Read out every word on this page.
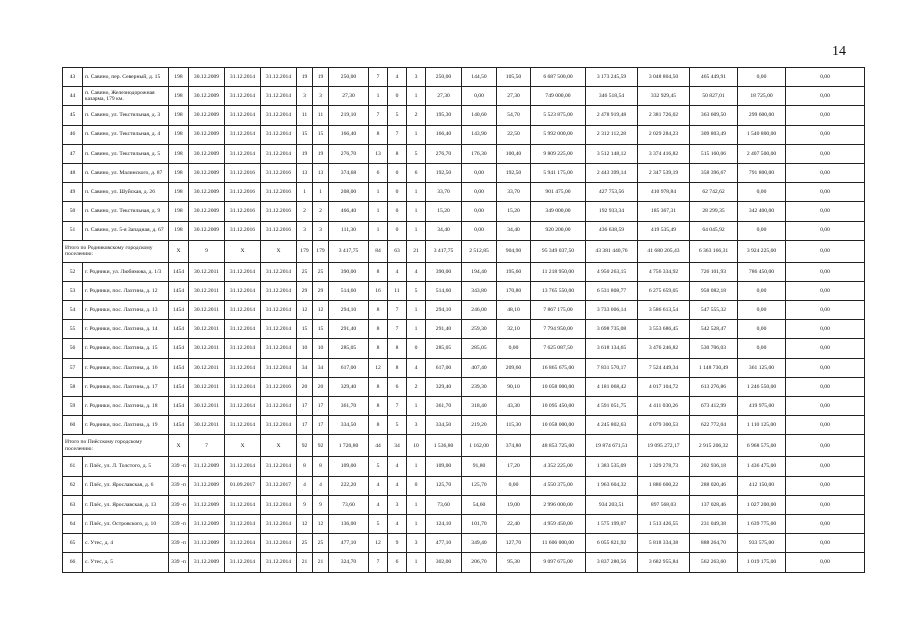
14
43	п. Савино, пер. Северный, д. 15	198	30.12.2009	31.12.2014	31.12.2014	19	19	250,00	7	4	3	250,00	144,50	105,50	6 687 500,00	3 173 245,59	3 048 804,50	465 449,91	0,00	0,00
44	п. Савино, Железнодорожная казарма, 179 км.	198	30.12.2009	31.12.2014	31.12.2014	3	3	27,30	1	0	1	27,30	0,00	27,30	749 000,00	346 518,54	332 929,45	50 827,01	18 725,00	0,00
45	п. Савино, ул. Текстильная, д. 3	198	30.12.2009	31.12.2014	31.12.2014	11	11	219,10	7	5	2	195,30	140,60	54,70	5 523 875,00	2 478 919,48	2 381 726,02	363 609,50	299 600,00	0,00
46	п. Савино, ул. Текстильная, д. 4	198	30.12.2009	31.12.2014	31.12.2014	15	15	166,40	8	7	1	166,40	143,90	22,50	5 992 000,00	2 312 112,28	2 029 284,23	309 803,49	1 540 800,00	0,00
47	п. Савино, ул. Текстильная, д. 5	198	30.12.2009	31.12.2014	31.12.2014	19	19	276,70	13	8	5	276,70	176,30	100,40	9 809 225,00	3 512 148,12	3 374 416,82	515 160,06	2 407 500,00	0,00
48	п. Савино, ул. Малинского, д. 87	198	30.12.2009	31.12.2016	31.12.2016	13	13	374,68	6	0	6	192,50	0,00	192,50	5 941 175,00	2 443 399,14	2 347 539,19	358 396,67	791 800,00	0,00
49	п. Савино, ул. Шуйская, д. 26	198	30.12.2009	31.12.2016	31.12.2016	1	1	208,00	1	0	1	33,70	0,00	33,70	901 475,00	427 753,56	410 978,84	62 742,62	0,00	0,00
50	п. Савино, ул. Текстильная, д. 9	198	30.12.2009	31.12.2016	31.12.2016	2	2	466,40	1	0	1	15,20	0,00	15,20	349 000,00	192 933,34	185 367,31	28 299,35	342 400,00	0,00
51	п. Савино, ул. 5-я Западная, д. 67	198	30.12.2009	31.12.2016	31.12.2016	3	3	111,30	1	0	1	34,40	0,00	34,40	920 200,00	436 638,59	419 535,49	64 045,92	0,00	0,00
Итого по Родниковскому городскому поселению:		X	9	X	X	179	179	3 417,75	84	63	21	3 417,75	2 512,85	904,90	95 349 037,50	43 381 440,76	41 680 205,43	6 363 166,31	3 924 225,00	0,00
52	г. Родники, ул. Любимова, д. 1/3	1454	30.12.2011	31.12.2014	31.12.2014	25	25	390,00	8	4	4	390,00	194,40	195,60	11 218 950,00	4 950 263,15	4 756 334,92	726 101,93	786 450,00	0,00
53	г. Родники, пос. Лахтина, д. 12	1454	30.12.2011	31.12.2014	31.12.2014	29	29	514,60	16	11	5	514,60	343,80	170,80	13 765 550,00	6 531 808,77	6 275 659,05	958 082,18	0,00	0,00
54	г. Родники, пос. Лахтина, д. 13	1454	30.12.2011	31.12.2014	31.12.2014	12	12	294,10	8	7	1	294,10	246,00	48,10	7 867 175,00	3 733 006,14	3 586 613,54	547 555,32	0,00	0,00
55	г. Родники, пос. Лахтина, д. 14	1454	30.12.2011	31.12.2014	31.12.2014	15	15	291,40	8	7	1	291,40	259,30	32,10	7 794 950,00	3 698 735,08	3 553 686,45	542 528,47	0,00	0,00
56	г. Родники, пос. Лахтина, д. 15	1454	30.12.2011	31.12.2014	31.12.2014	10	10	285,05	8	8	0	285,05	285,05	0,00	7 625 087,50	3 618 134,65	3 476 246,82	530 706,03	0,00	0,00
57	г. Родники, пос. Лахтина, д. 16	1454	30.12.2011	31.12.2014	31.12.2014	34	34	617,00	12	8	4	617,00	407,40	209,60	16 865 675,00	7 831 570,17	7 524 449,34	1 148 730,49	361 125,00	0,00
58	г. Родники, пос. Лахтина, д. 17	1454	30.12.2011	31.12.2014	31.12.2016	20	20	329,40	8	6	2	329,40	239,30	90,10	10 058 000,00	4 181 068,42	4 017 104,72	613 276,86	1 246 550,00	0,00
59	г. Родники, пос. Лахтина, д. 18	1454	30.12.2011	31.12.2014	31.12.2014	17	17	361,70	8	7	1	361,70	318,40	43,30	10 095 450,00	4 591 051,75	4 411 030,26	673 412,99	419 975,00	0,00
60	г. Родники, пос. Лахтина, д. 19	1454	30.12.2011	31.12.2014	31.12.2014	17	17	334,50	8	5	3	334,50	219,20	115,30	10 058 000,00	4 245 802,63	4 079 300,53	622 772,04	1 110 125,00	0,00
Итого по Пиёсскому городскому поселению:		X	7	X	X	92	92	1 720,80	44	34	10	1 536,80	1 162,00	374,80	48 853 725,00	19 874 671,51	19 095 272,17	2 915 206,32	6 968 575,00	0,00
61	г. Плёс, ул. Л. Толстого, д. 5	339 -п	31.12.2009	31.12.2014	31.12.2014	8	8	109,00	5	4	1	109,00	91,80	17,20	4 352 225,00	1 383 535,09	1 329 278,73	202 936,18	1 436 475,00	0,00
62	г. Плёс, ул. Ярославская, д. 6	339 -п	31.12.2009	01.09.2017	31.12.2017	4	4	222,20	4	4	0	125,70	125,70	0,00	4 550 375,00	1 963 604,32	1 886 600,22	288 020,46	412 150,00	0,00
63	г. Плёс, ул. Ярославская, д. 13	339 -п	31.12.2009	31.12.2014	31.12.2014	9	9	73,60	4	3	1	73,60	54,60	19,00	2 996 000,00	934 203,51	897 568,03	137 028,46	1 027 200,00	0,00
64	г. Плёс, ул. Островского, д. 10	339 -п	31.12.2009	31.12.2014	31.12.2014	12	12	136,00	5	4	1	124,10	101,70	22,40	4 959 450,00	1 575 199,07	1 513 426,55	231 049,38	1 639 775,00	0,00
65	с. Утес, д. 4	339 -п	31.12.2009	31.12.2014	31.12.2014	25	25	477,10	12	9	3	477,10	349,40	127,70	11 606 000,00	6 055 821,92	5 818 334,38	888 264,70	933 575,00	0,00
66	с. Утес, д. 5	339 -п	31.12.2009	31.12.2014	31.12.2014	21	21	324,70	7	6	1	302,00	206,70	95,30	9 097 675,00	3 837 280,56	3 682 955,84	562 263,60	1 019 175,00	0,00
